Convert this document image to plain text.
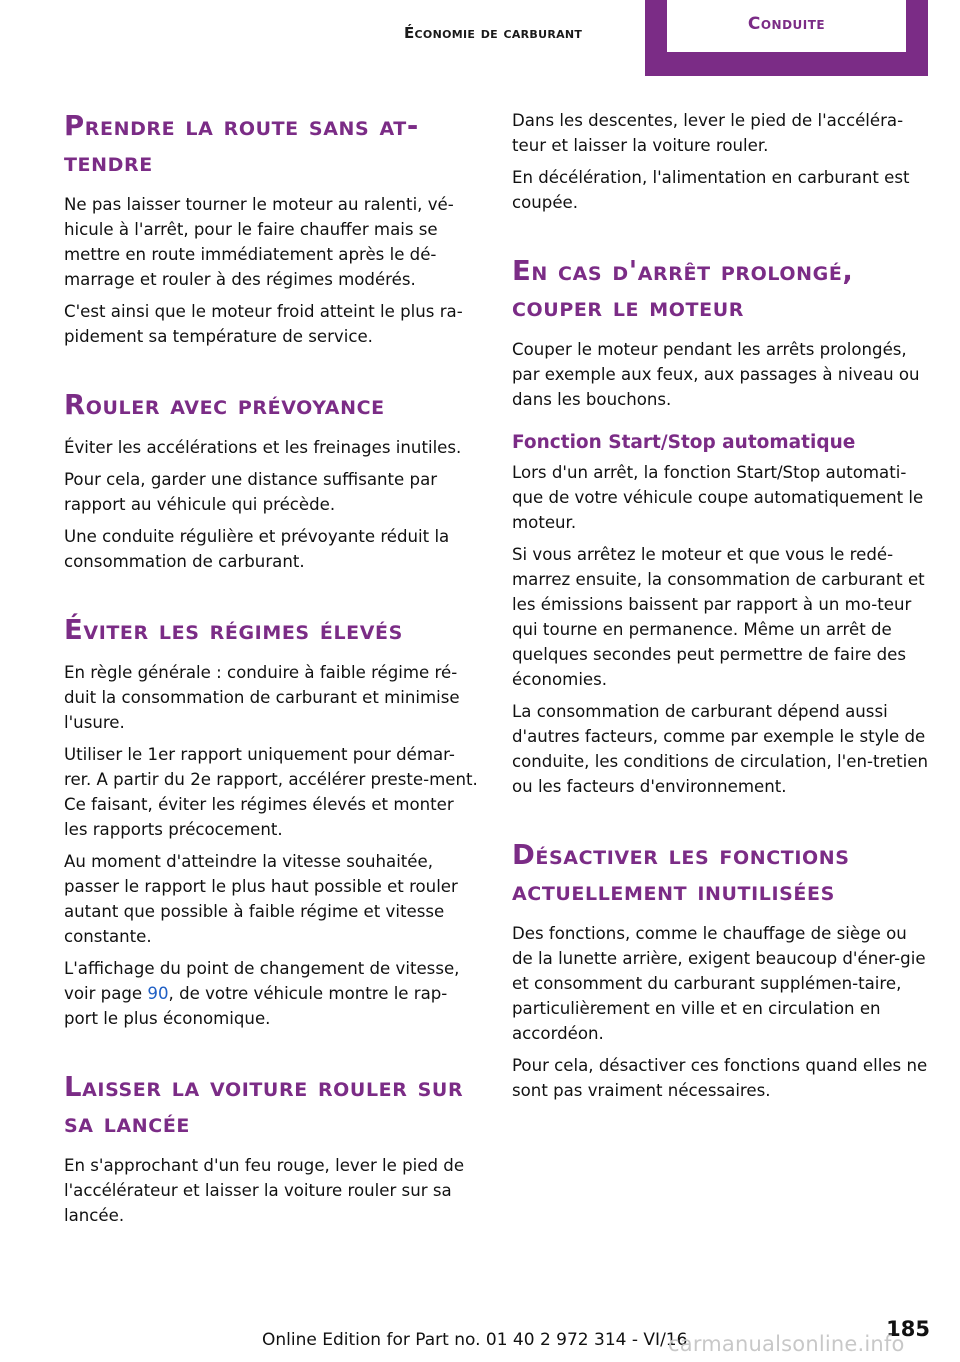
Économie de carburant	Conduite
Prendre la route sans at-tendre

Ne pas laisser tourner le moteur au ralenti, vé-hicule à l'arrêt, pour le faire chauffer mais se mettre en route immédiatement après le dé-marrage et rouler à des régimes modérés.

C'est ainsi que le moteur froid atteint le plus ra-pidement sa température de service.

Rouler avec prévoyance

Éviter les accélérations et les freinages inutiles.

Pour cela, garder une distance suffisante par rapport au véhicule qui précède.

Une conduite régulière et prévoyante réduit la consommation de carburant.

Éviter les régimes élevés

En règle générale : conduire à faible régime ré-duit la consommation de carburant et minimise l'usure.

Utiliser le 1er rapport uniquement pour démar-rer. A partir du 2e rapport, accélérer preste-ment. Ce faisant, éviter les régimes élevés et monter les rapports précocement.

Au moment d'atteindre la vitesse souhaitée, passer le rapport le plus haut possible et rouler autant que possible à faible régime et vitesse constante.

L'affichage du point de changement de vitesse, voir page 90, de votre véhicule montre le rap-port le plus économique.

Laisser la voiture rouler sur sa lancée

En s'approchant d'un feu rouge, lever le pied de l'accélérateur et laisser la voiture rouler sur sa lancée.

Dans les descentes, lever le pied de l'accéléra-teur et laisser la voiture rouler.

En décélération, l'alimentation en carburant est coupée.

En cas d'arrêt prolongé, couper le moteur

Couper le moteur pendant les arrêts prolongés, par exemple aux feux, aux passages à niveau ou dans les bouchons.

Fonction Start/Stop automatique

Lors d'un arrêt, la fonction Start/Stop automati-que de votre véhicule coupe automatiquement le moteur.

Si vous arrêtez le moteur et que vous le redé-marrez ensuite, la consommation de carburant et les émissions baissent par rapport à un mo-teur qui tourne en permanence. Même un arrêt de quelques secondes peut permettre de faire des économies.

La consommation de carburant dépend aussi d'autres facteurs, comme par exemple le style de conduite, les conditions de circulation, l'en-tretien ou les facteurs d'environnement.

Désactiver les fonctions actuellement inutilisées

Des fonctions, comme le chauffage de siège ou de la lunette arrière, exigent beaucoup d'éner-gie et consomment du carburant supplémen-taire, particulièrement en ville et en circulation en accordéon.

Pour cela, désactiver ces fonctions quand elles ne sont pas vraiment nécessaires.

Online Edition for Part no. 01 40 2 972 314 - VI/16	185
carmanualsonline.info
